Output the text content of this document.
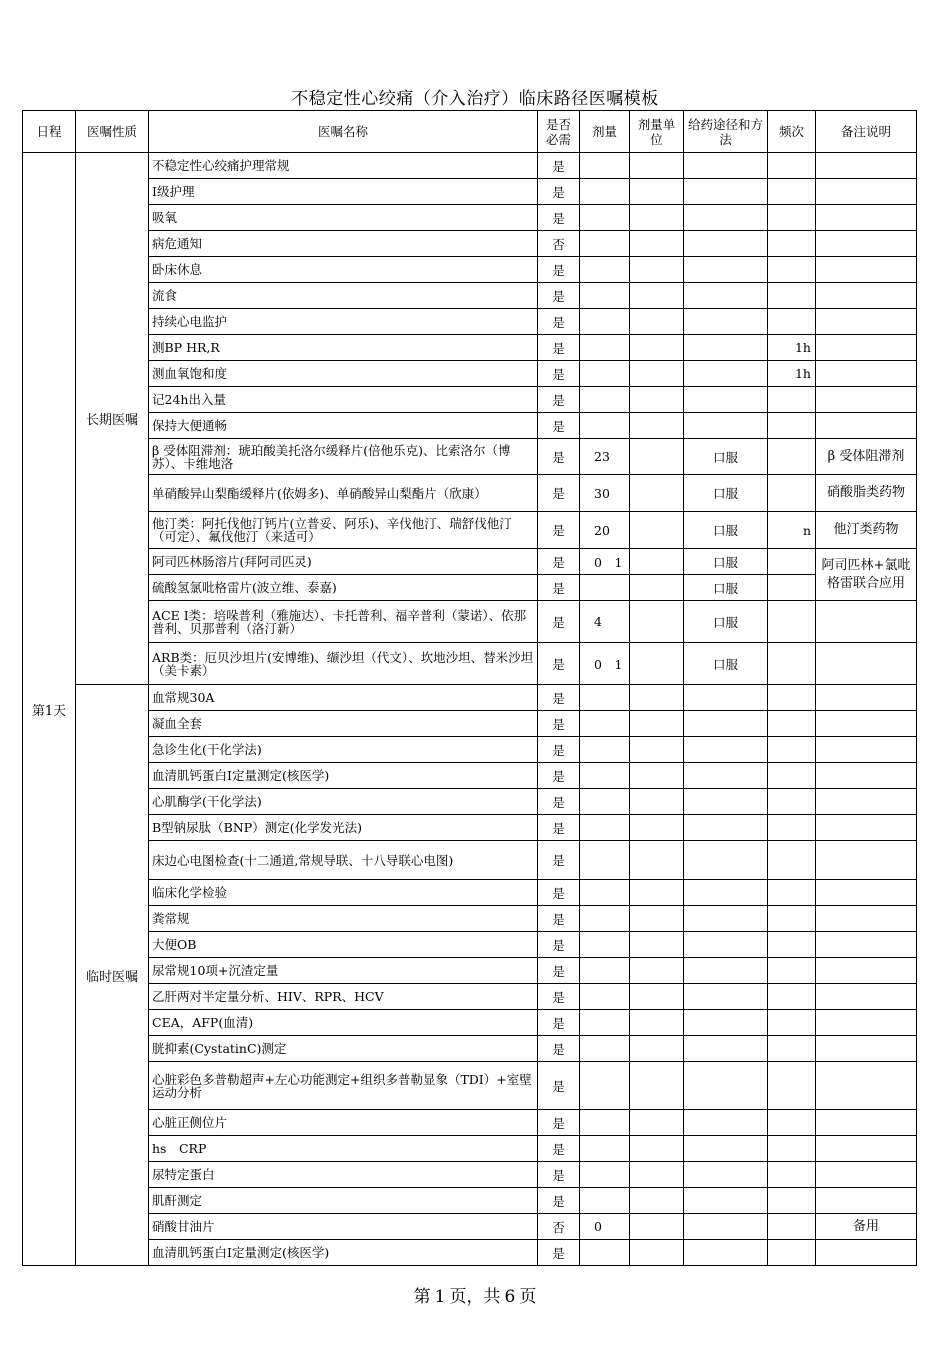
不稳定性心绞痛（介入治疗）临床路径医嘱模板
日程	医嘱性质	医嘱名称	是否必需	剂量	剂量单位	给药途径和方法	频次	备注说明
第1天	长期医嘱	不稳定性心绞痛护理常规	是					
		Ⅰ级护理	是					
		吸氧	是					
		病危通知	否					
		卧床休息	是					
		流食	是					
		持续心电监护	是					
		测BP HR,R	是				1h	
		测血氧饱和度	是				1h	
		记24h出入量	是					
		保持大便通畅	是					
		β 受体阻滞剂：琥珀酸美托洛尔缓释片(倍他乐克)、比索洛尔（博苏）、卡维地洛	是	23		口服		β 受体阻滞剂
		单硝酸异山梨酯缓释片(依姆多)、单硝酸异山梨酯片（欣康）	是	30		口服		硝酸脂类药物
		他汀类：阿托伐他汀钙片(立普妥、阿乐)、辛伐他汀、瑞舒伐他汀（可定）、氟伐他汀（来适可）	是	20		口服	n	他汀类药物
		阿司匹林肠溶片(拜阿司匹灵)	是	0　1		口服		阿司匹林+氯吡格雷联合应用
		硫酸氢氯吡格雷片(波立维、泰嘉)	是			口服		
		ACE I类：培哚普利（雅施达）、卡托普利、福辛普利（蒙诺）、依那普利、贝那普利（洛汀新）	是	4		口服		
		ARB类：厄贝沙坦片(安博维)、缬沙坦（代文）、坎地沙坦、替米沙坦（美卡素）	是	0　1		口服		
	临时医嘱	血常规30A	是					
		凝血全套	是					
		急诊生化(干化学法)	是					
		血清肌钙蛋白Ⅰ定量测定(核医学)	是					
		心肌酶学(干化学法)	是					
		B型钠尿肽（BNP）测定(化学发光法)	是					
		床边心电图检查(十二通道,常规导联、十八导联心电图)	是					
		临床化学检验	是					
		粪常规	是					
		大便OB	是					
		尿常规10项+沉渣定量	是					
		乙肝两对半定量分析、HIV、RPR、HCV	是					
		CEA，AFP(血清)	是					
		胱抑素(CystatinC)测定	是					
		心脏彩色多普勒超声+左心功能测定+组织多普勒显象（TDI）+室壁运动分析	是					
		心脏正侧位片	是					
		hs　CRP	是					
		尿特定蛋白	是					
		肌酐测定	是					
		硝酸甘油片	否	0				备用
		血清肌钙蛋白Ⅰ定量测定(核医学)	是					
第 1 页，共 6 页
